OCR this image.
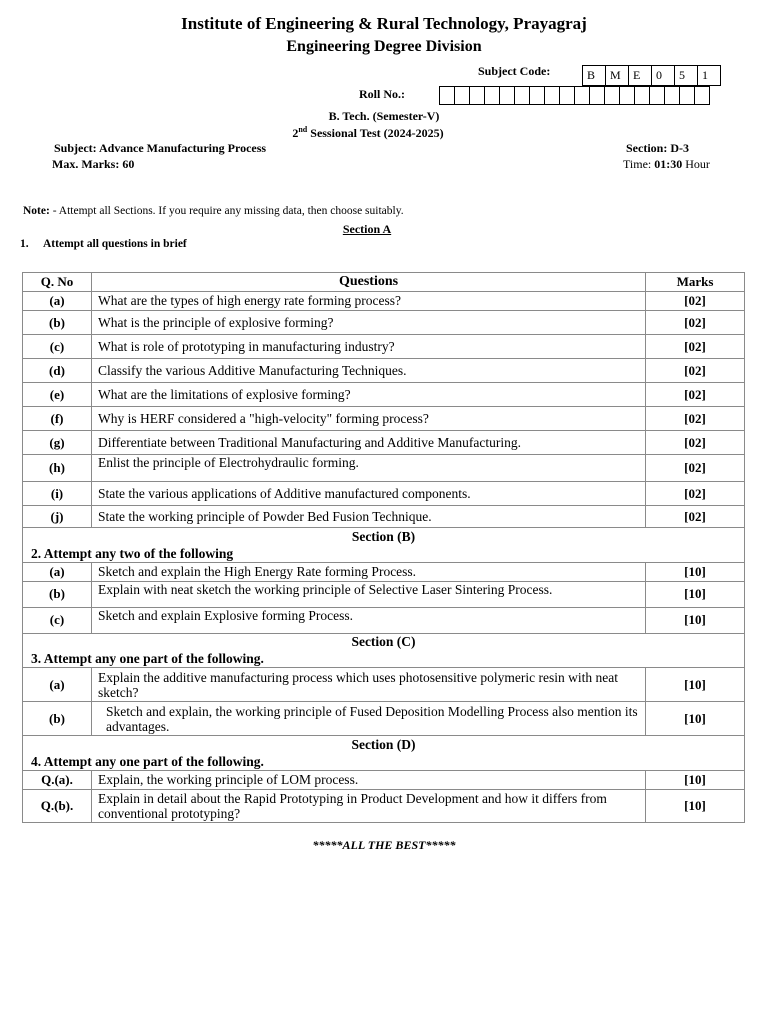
Institute of Engineering & Rural Technology, Prayagraj
Engineering Degree Division
Subject Code:	B	M	E	0	5	1
Roll No.:

B. Tech. (Semester-V)
2nd Sessional Test (2024-2025)
Subject: Advance Manufacturing Process
Max. Marks: 60
Section: D-3
Time: 01:30 Hour
Note: - Attempt all Sections. If you require any missing data, then choose suitably.
Section A
1. Attempt all questions in brief
Q. No	Questions	Marks
(a)	What are the types of high energy rate forming process?	[02]
(b)	What is the principle of explosive forming?	[02]
(c)	What is role of prototyping in manufacturing industry?	[02]
(d)	Classify the various Additive Manufacturing Techniques.	[02]
(e)	What are the limitations of explosive forming?	[02]
(f)	Why is HERF considered a "high-velocity" forming process?	[02]
(g)	Differentiate between Traditional Manufacturing and Additive Manufacturing.	[02]
(h)	Enlist the principle of Electrohydraulic forming.	[02]
(i)	State the various applications of Additive manufactured components.	[02]
(j)	State the working principle of Powder Bed Fusion Technique.	[02]
Section (B)		
2. Attempt any two of the following		
(a)	Sketch and explain the High Energy Rate forming Process.	[10]
(b)	Explain with neat sketch the working principle of Selective Laser Sintering Process.	[10]
(c)	Sketch and explain Explosive forming Process.	[10]
Section (C)		
3. Attempt any one part of the following.		
(a)	Explain the additive manufacturing process which uses photosensitive polymeric resin with neat sketch?	[10]
(b)	Sketch and explain, the working principle of Fused Deposition Modelling Process also mention its advantages.	[10]
Section (D)		
4. Attempt any one part of the following.		
Q.(a).	Explain, the working principle of LOM process.	[10]
Q.(b).	Explain in detail about the Rapid Prototyping in Product Development and how it differs from conventional prototyping?	[10]
*****ALL THE BEST*****
